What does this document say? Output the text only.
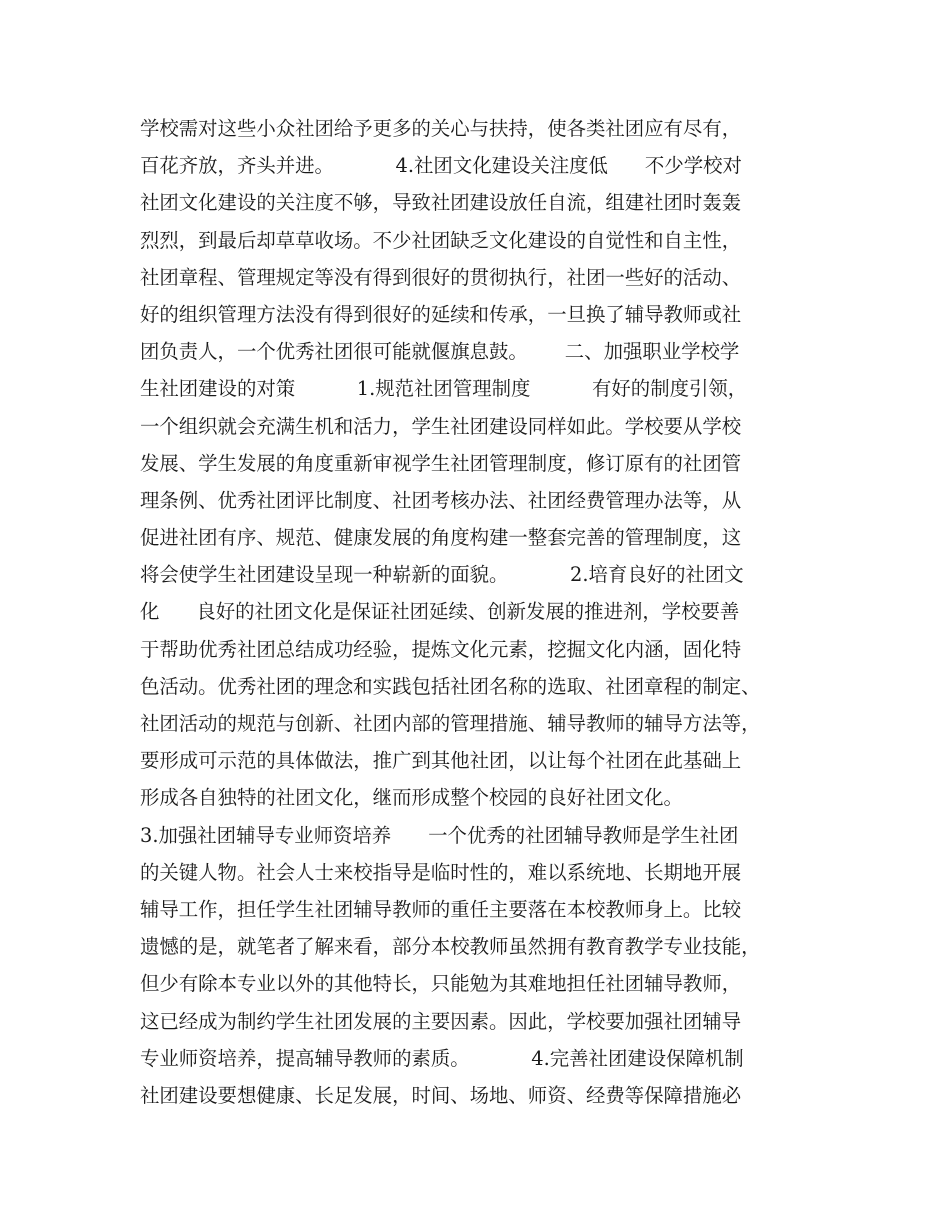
学校需对这些小众社团给予更多的关心与扶持，使各类社团应有尽有，
百花齐放，齐头并进。          4.社团文化建设关注度低      不少学校对
社团文化建设的关注度不够，导致社团建设放任自流，组建社团时轰轰
烈烈，到最后却草草收场。不少社团缺乏文化建设的自觉性和自主性，
社团章程、管理规定等没有得到很好的贯彻执行，社团一些好的活动、
好的组织管理方法没有得到很好的延续和传承，一旦换了辅导教师或社
团负责人，一个优秀社团很可能就偃旗息鼓。      二、加强职业学校学
生社团建设的对策          1.规范社团管理制度          有好的制度引领，
一个组织就会充满生机和活力，学生社团建设同样如此。学校要从学校
发展、学生发展的角度重新审视学生社团管理制度，修订原有的社团管
理条例、优秀社团评比制度、社团考核办法、社团经费管理办法等，从
促进社团有序、规范、健康发展的角度构建一整套完善的管理制度，这
将会使学生社团建设呈现一种崭新的面貌。          2.培育良好的社团文
化      良好的社团文化是保证社团延续、创新发展的推进剂，学校要善
于帮助优秀社团总结成功经验，提炼文化元素，挖掘文化内涵，固化特
色活动。优秀社团的理念和实践包括社团名称的选取、社团章程的制定、
社团活动的规范与创新、社团内部的管理措施、辅导教师的辅导方法等，
要形成可示范的具体做法，推广到其他社团，以让每个社团在此基础上
形成各自独特的社团文化，继而形成整个校园的良好社团文化。
3.加强社团辅导专业师资培养      一个优秀的社团辅导教师是学生社团
的关键人物。社会人士来校指导是临时性的，难以系统地、长期地开展
辅导工作，担任学生社团辅导教师的重任主要落在本校教师身上。比较
遗憾的是，就笔者了解来看，部分本校教师虽然拥有教育教学专业技能，
但少有除本专业以外的其他特长，只能勉为其难地担任社团辅导教师，
这已经成为制约学生社团发展的主要因素。因此，学校要加强社团辅导
专业师资培养，提高辅导教师的素质。          4.完善社团建设保障机制
社团建设要想健康、长足发展，时间、场地、师资、经费等保障措施必
